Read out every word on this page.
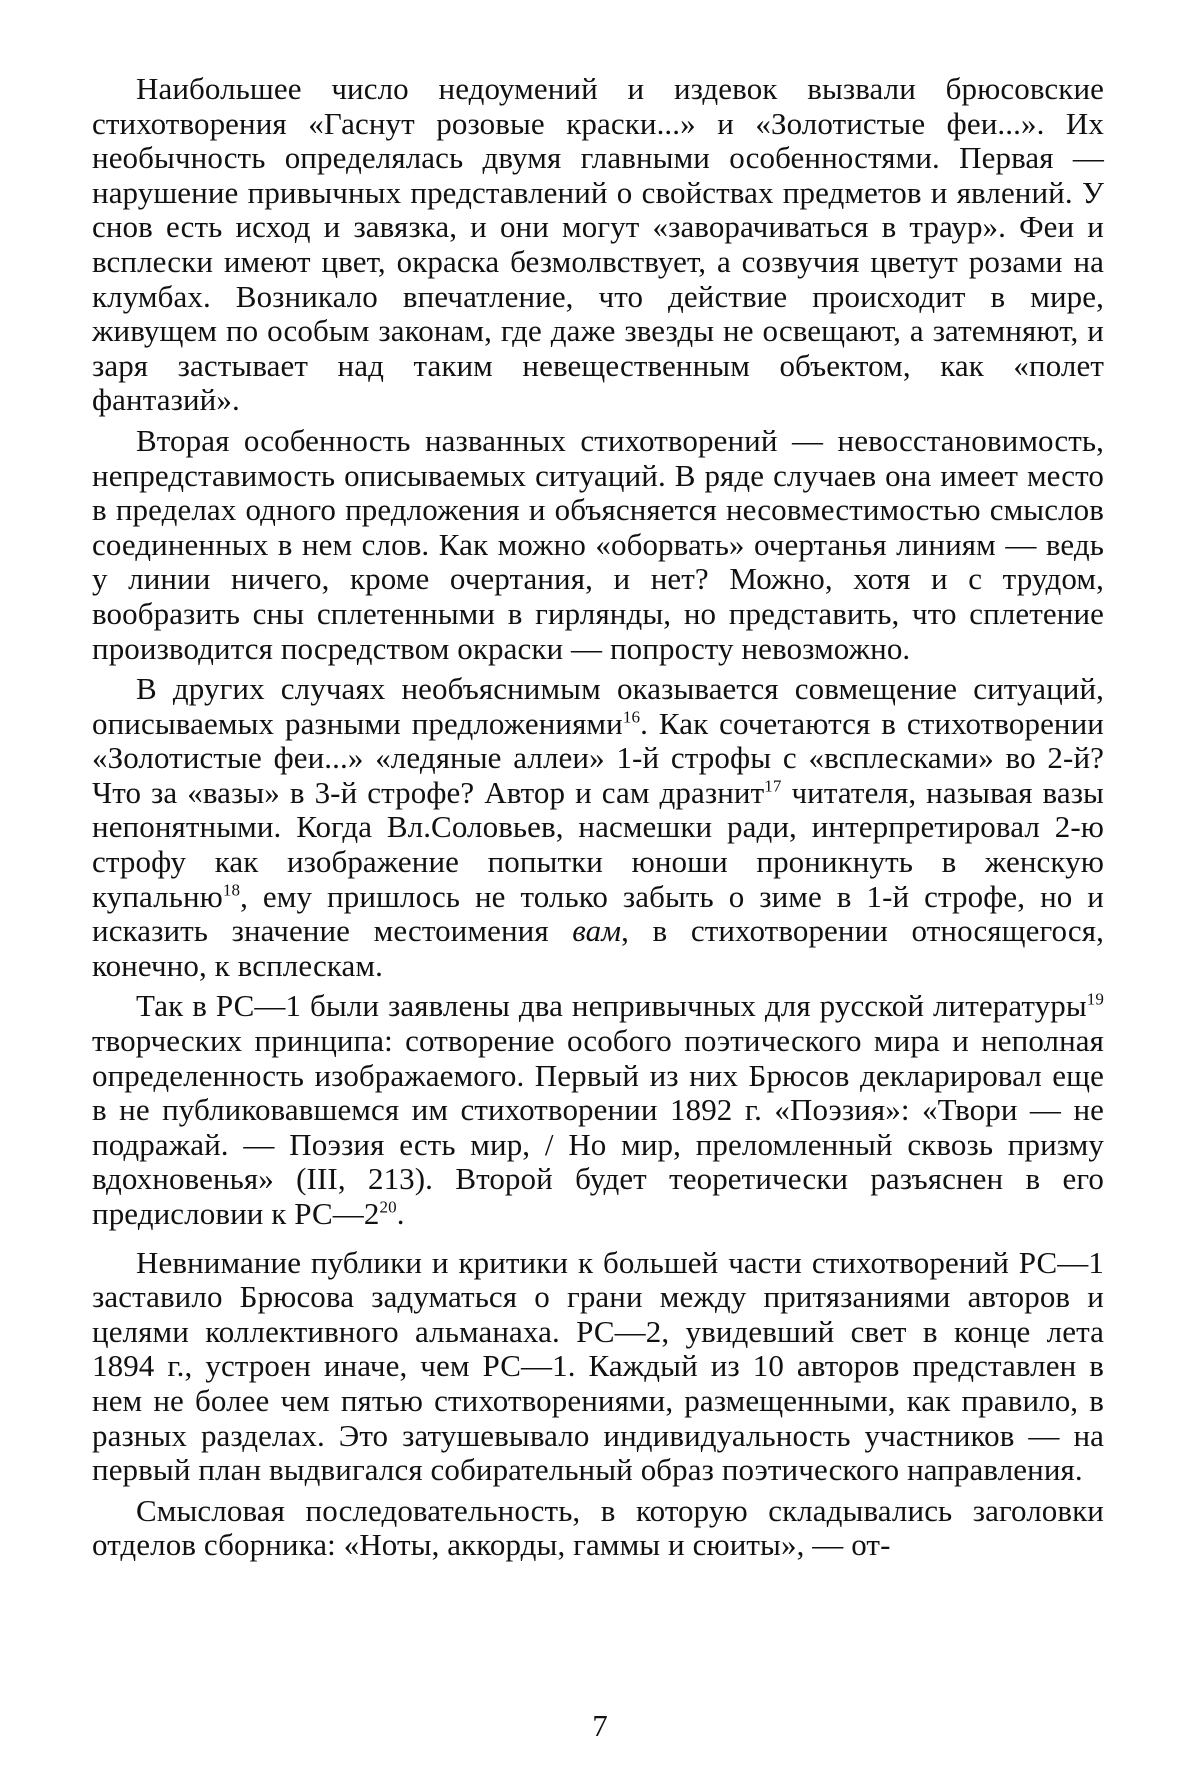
Наибольшее число недоумений и издевок вызвали брюсовские стихотворения «Гаснут розовые краски...» и «Золотистые феи...». Их необычность определялась двумя главными особенностями. Первая — нарушение привычных представлений о свойствах предметов и явлений. У снов есть исход и завязка, и они могут «заворачиваться в траур». Феи и всплески имеют цвет, окраска безмолвствует, а созвучия цветут розами на клумбах. Возникало впечатление, что действие происходит в мире, живущем по особым законам, где даже звезды не освещают, а затемняют, и заря застывает над таким невещественным объектом, как «полет фантазий».

Вторая особенность названных стихотворений — невосстановимость, непредставимость описываемых ситуаций. В ряде случаев она имеет место в пределах одного предложения и объясняется несовместимостью смыслов соединенных в нем слов. Как можно «оборвать» очертанья линиям — ведь у линии ничего, кроме очертания, и нет? Можно, хотя и с трудом, вообразить сны сплетенными в гирлянды, но представить, что сплетение производится посредством окраски — попросту невозможно.

В других случаях необъяснимым оказывается совмещение ситуаций, описываемых разными предложениями$^{16}$. Как сочетаются в стихотворении «Золотистые феи...» «ледяные аллеи» 1-й строфы с «всплесками» во 2-й? Что за «вазы» в 3-й строфе? Автор и сам дразнит$^{17}$ читателя, называя вазы непонятными. Когда Вл.Соловьев, насмешки ради, интерпретировал 2-ю строфу как изображение попытки юноши проникнуть в женскую купальню$^{18}$, ему пришлось не только забыть о зиме в 1-й строфе, но и исказить значение местоимения вам, в стихотворении относящегося, конечно, к всплескам.

Так в РС—1 были заявлены два непривычных для русской литературы$^{19}$ творческих принципа: сотворение особого поэтического мира и неполная определенность изображаемого. Первый из них Брюсов декларировал еще в не публиковавшемся им стихотворении 1892 г. «Поэзия»: «Твори — не подражай. — Поэзия есть мир, / Но мир, преломленный сквозь призму вдохновенья» (III, 213). Второй будет теоретически разъяснен в его предисловии к $РС—2^{20}$.

Невнимание публики и критики к большей части стихотворений РС—1 заставило Брюсова задуматься о грани между притязаниями авторов и целями коллективного альманаха. РС—2, увидевший свет в конце лета 1894 г., устроен иначе, чем РС—1. Каждый из 10 авторов представлен в нем не более чем пятью стихотворениями, размещенными, как правило, в разных разделах. Это затушевывало индивидуальность участников — на первый план выдвигался собирательный образ поэтического направления.

Смысловая последовательность, в которую складывались заголовки отделов сборника: «Ноты, аккорды, гаммы и сюиты», — от-

7
